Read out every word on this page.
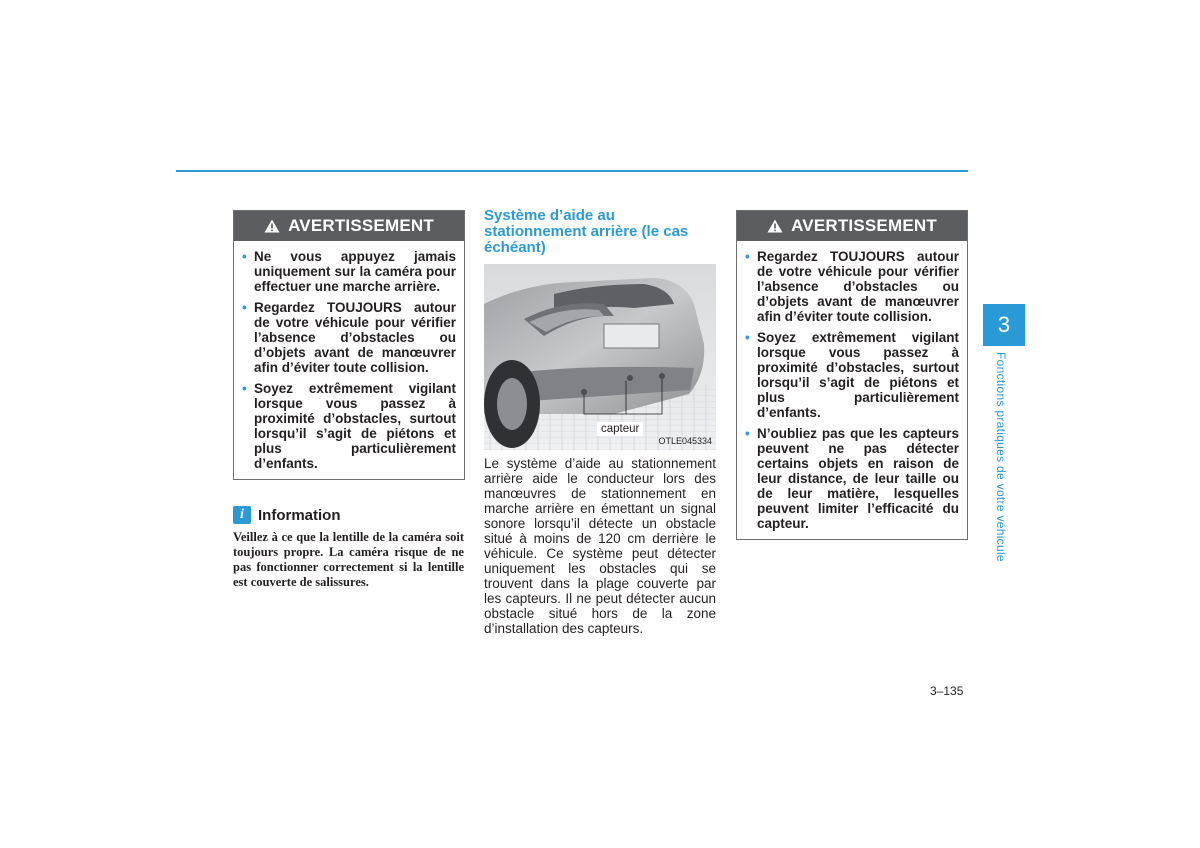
AVERTISSEMENT
• Ne vous appuyez jamais uniquement sur la caméra pour effectuer une marche arrière.
• Regardez TOUJOURS autour de votre véhicule pour vérifier l’absence d’obstacles ou d’objets avant de manœuvrer afin d’éviter toute collision.
• Soyez extrêmement vigilant lorsque vous passez à proximité d’obstacles, surtout lorsqu’il s’agit de piétons et plus particulièrement d’enfants.
i Information
Veillez à ce que la lentille de la caméra soit toujours propre. La caméra risque de ne pas fonctionner correctement si la lentille est couverte de salissures.
Système d’aide au stationnement arrière (le cas échéant)
capteur
OTLE045334

Le système d’aide au stationnement arrière aide le conducteur lors des manœuvres de stationnement en marche arrière en émettant un signal sonore lorsqu’il détecte un obstacle situé à moins de 120 cm derrière le véhicule. Ce système peut détecter uniquement les obstacles qui se trouvent dans la plage couverte par les capteurs. Il ne peut détecter aucun obstacle situé hors de la zone d’installation des capteurs.

AVERTISSEMENT
• Regardez TOUJOURS autour de votre véhicule pour vérifier l’absence d’obstacles ou d’objets avant de manœuvrer afin d’éviter toute collision.
• Soyez extrêmement vigilant lorsque vous passez à proximité d’obstacles, surtout lorsqu’il s’agit de piétons et plus particulièrement d’enfants.
• N’oubliez pas que les capteurs peuvent ne pas détecter certains objets en raison de leur distance, de leur taille ou de leur matière, lesquelles peuvent limiter l’efficacité du capteur.
3
Fonctions pratiques de votre véhicule
3–135
